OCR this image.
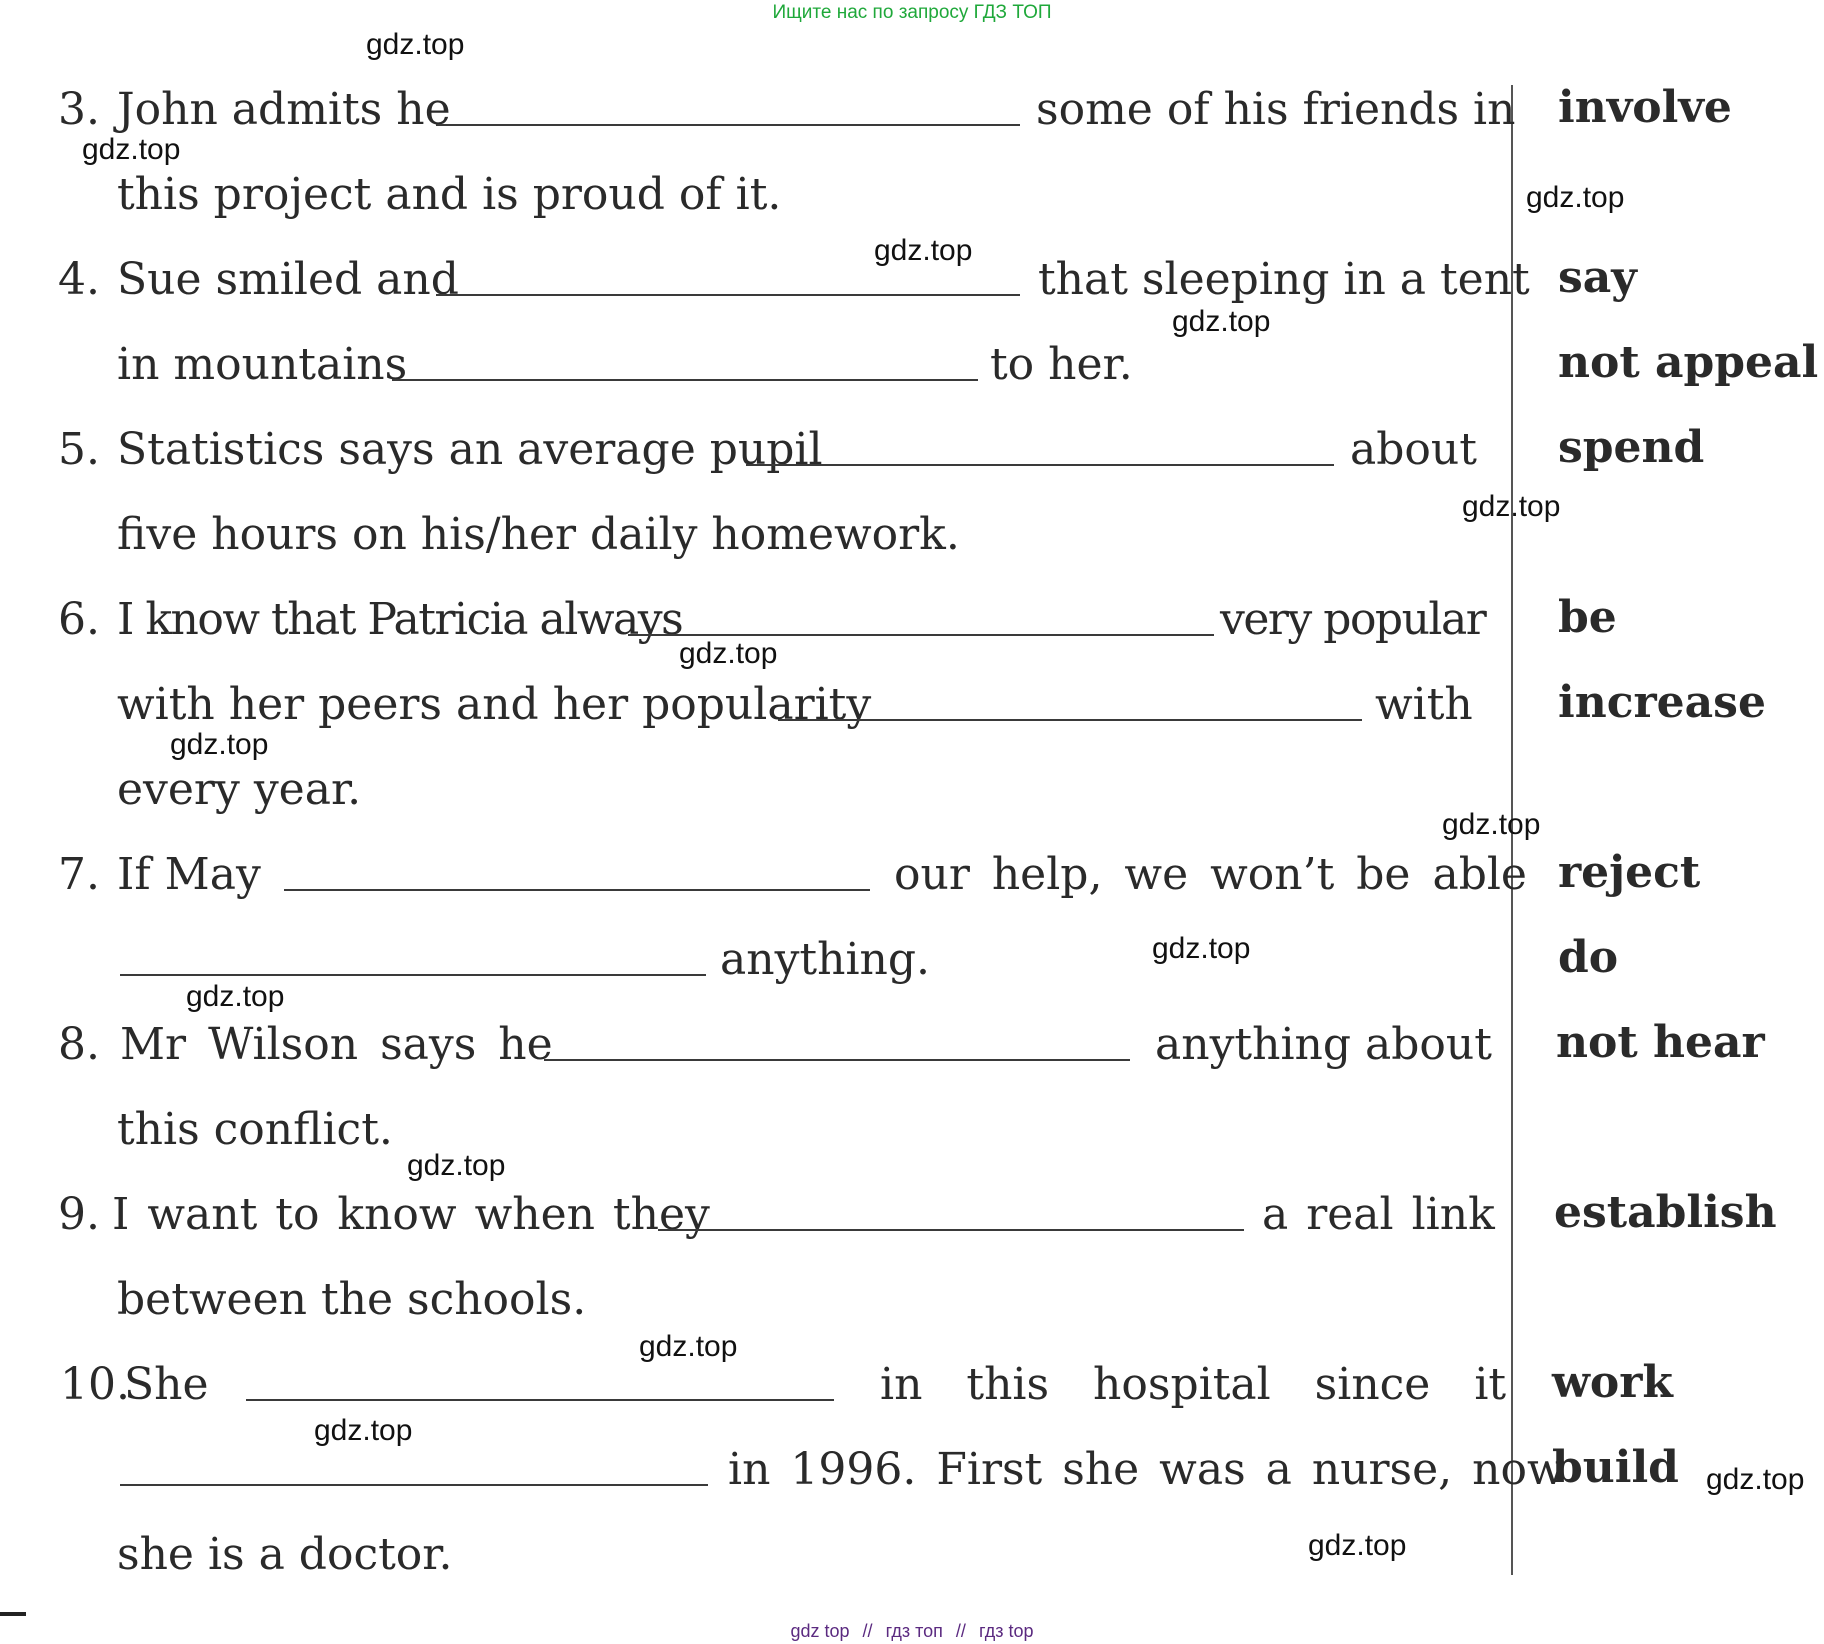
Ищите нас по запросу ГДЗ ТОП
3. John admits he	some of his friends in
this project and is proud of it.
involve
4. Sue smiled and	that sleeping in a tent
in mountains	to her.
say
not appeal
5. Statistics says an average pupil	about
five hours on his/her daily homework.
spend
6. I know that Patricia always	very popular
with her peers and her popularity	with
every year.
be
increase
7. If May	our help, we won’t be able
anything.
reject
do
8. Mr Wilson says he	anything about
this conflict.
not hear
9. I want to know when they	a real link
between the schools.
establish
10.
She	in this hospital since it
in 1996. First she was a nurse, now
she is a doctor.
work
build
gdz.top
gdz.top
gdz.top
gdz.top
gdz.top
gdz.top
gdz.top
gdz.top
gdz.top
gdz.top
gdz.top
gdz.top
gdz.top
gdz.top
gdz.top
gdz.top
gdz top // гдз топ // гдз top
